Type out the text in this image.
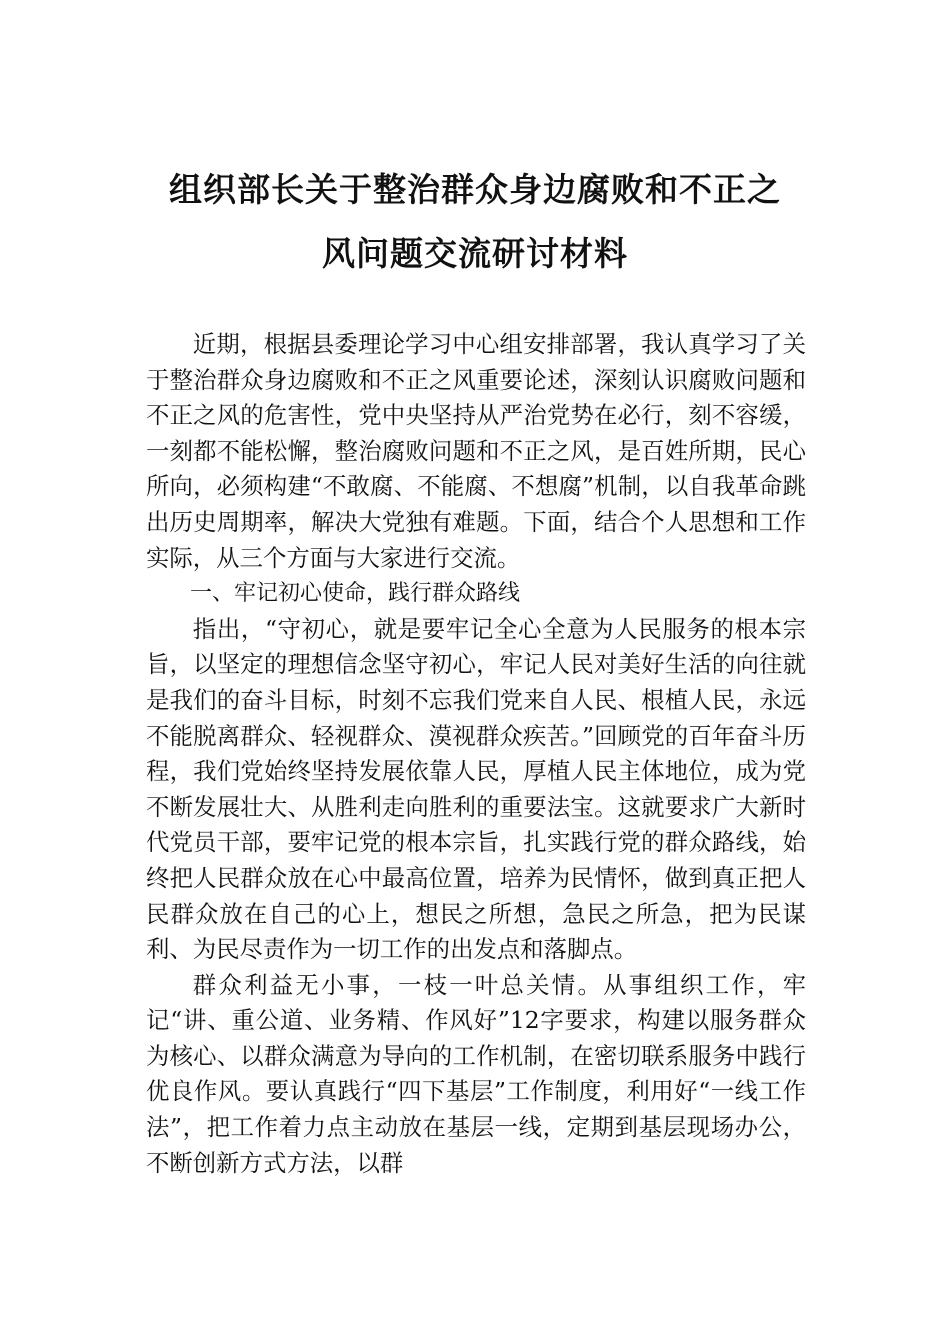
组织部长关于整治群众身边腐败和不正之
风问题交流研讨材料

近期，根据县委理论学习中心组安排部署，我认真学习了关于整治群众身边腐败和不正之风重要论述，深刻认识腐败问题和不正之风的危害性，党中央坚持从严治党势在必行，刻不容缓，一刻都不能松懈，整治腐败问题和不正之风，是百姓所期，民心所向，必须构建“不敢腐、不能腐、不想腐”机制，以自我革命跳出历史周期率，解决大党独有难题。下面，结合个人思想和工作实际，从三个方面与大家进行交流。

一、牢记初心使命，践行群众路线

指出，“守初心，就是要牢记全心全意为人民服务的根本宗旨，以坚定的理想信念坚守初心，牢记人民对美好生活的向往就是我们的奋斗目标，时刻不忘我们党来自人民、根植人民，永远不能脱离群众、轻视群众、漠视群众疾苦。”回顾党的百年奋斗历程，我们党始终坚持发展依靠人民，厚植人民主体地位，成为党不断发展壮大、从胜利走向胜利的重要法宝。这就要求广大新时代党员干部，要牢记党的根本宗旨，扎实践行党的群众路线，始终把人民群众放在心中最高位置，培养为民情怀，做到真正把人民群众放在自己的心上，想民之所想，急民之所急，把为民谋利、为民尽责作为一切工作的出发点和落脚点。

群众利益无小事，一枝一叶总关情。从事组织工作，牢记“讲、重公道、业务精、作风好”12字要求，构建以服务群众为核心、以群众满意为导向的工作机制，在密切联系服务中践行优良作风。要认真践行“四下基层”工作制度，利用好“一线工作法”，把工作着力点主动放在基层一线，定期到基层现场办公，不断创新方式方法，以群
